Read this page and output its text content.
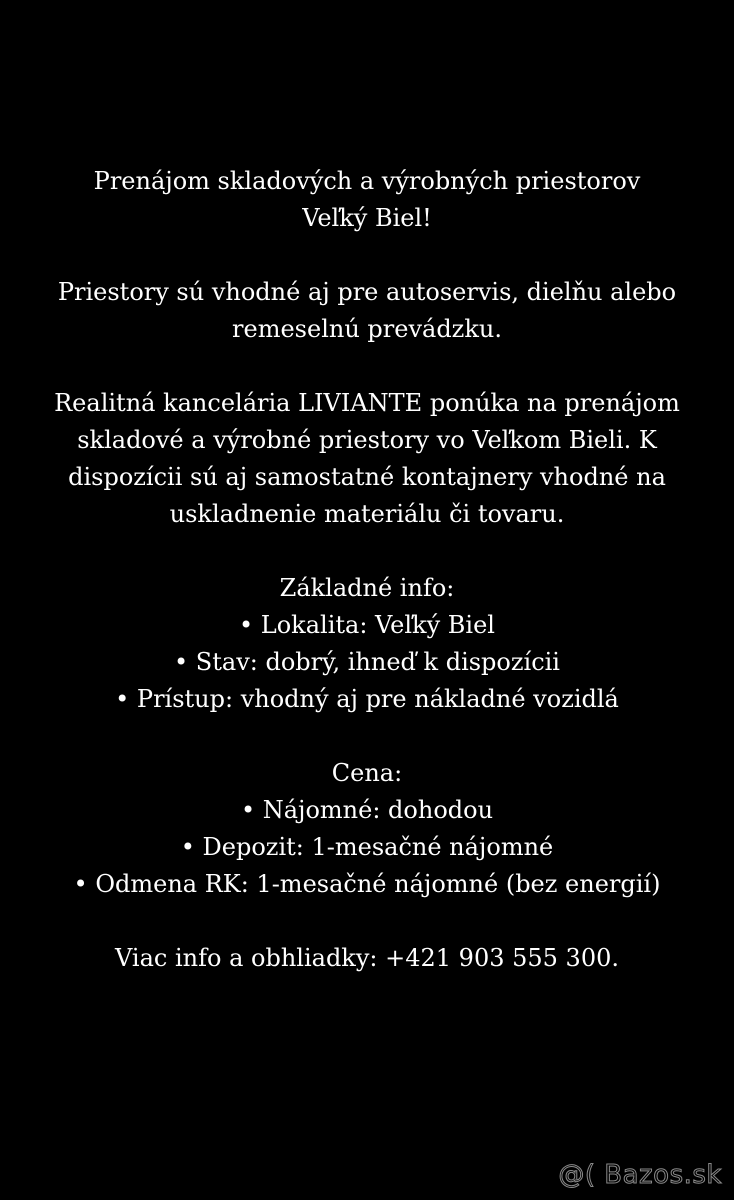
Prenájom skladových a výrobných priestorov
Veľký Biel!
Priestory sú vhodné aj pre autoservis, dielňu alebo
remeselnú prevádzku.
Realitná kancelária LIVIANTE ponúka na prenájom
skladové a výrobné priestory vo Veľkom Bieli. K
dispozícii sú aj samostatné kontajnery vhodné na
uskladnenie materiálu či tovaru.
Základné info:
• Lokalita: Veľký Biel
• Stav: dobrý, ihneď k dispozícii
• Prístup: vhodný aj pre nákladné vozidlá
Cena:
• Nájomné: dohodou
• Depozit: 1-mesačné nájomné
• Odmena RK: 1-mesačné nájomné (bez energií)
Viac info a obhliadky: +421 903 555 300.
@( Bazos.sk
